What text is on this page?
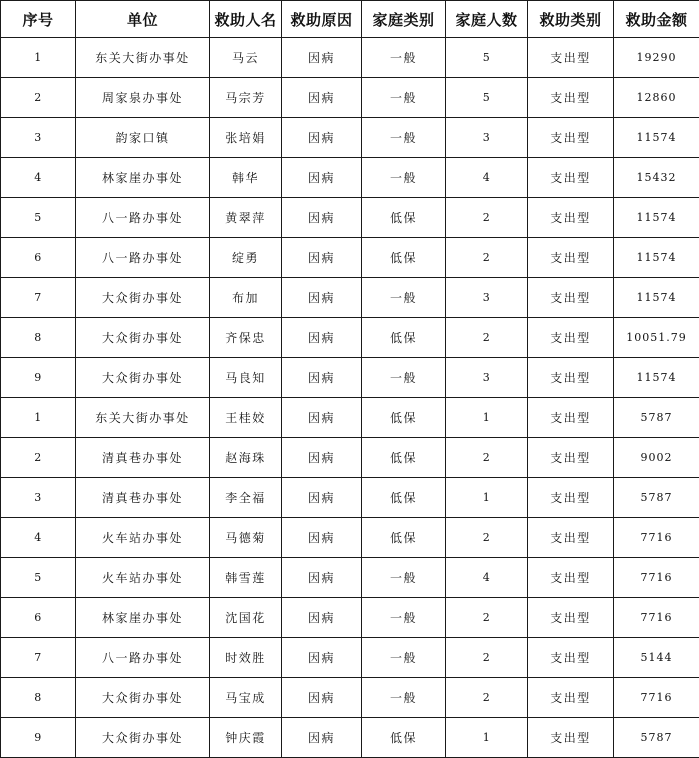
序号	单位	救助人名	救助原因	家庭类别	家庭人数	救助类别	救助金额
1	东关大街办事处	马云	因病	一般	5	支出型	19290
2	周家泉办事处	马宗芳	因病	一般	5	支出型	12860
3	韵家口镇	张培娟	因病	一般	3	支出型	11574
4	林家崖办事处	韩华	因病	一般	4	支出型	15432
5	八一路办事处	黄翠萍	因病	低保	2	支出型	11574
6	八一路办事处	绽勇	因病	低保	2	支出型	11574
7	大众街办事处	布加	因病	一般	3	支出型	11574
8	大众街办事处	齐保忠	因病	低保	2	支出型	10051.79
9	大众街办事处	马良知	因病	一般	3	支出型	11574
1	东关大街办事处	王桂姣	因病	低保	1	支出型	5787
2	清真巷办事处	赵海珠	因病	低保	2	支出型	9002
3	清真巷办事处	李全福	因病	低保	1	支出型	5787
4	火车站办事处	马德菊	因病	低保	2	支出型	7716
5	火车站办事处	韩雪莲	因病	一般	4	支出型	7716
6	林家崖办事处	沈国花	因病	一般	2	支出型	7716
7	八一路办事处	时效胜	因病	一般	2	支出型	5144
8	大众街办事处	马宝成	因病	一般	2	支出型	7716
9	大众街办事处	钟庆霞	因病	低保	1	支出型	5787
